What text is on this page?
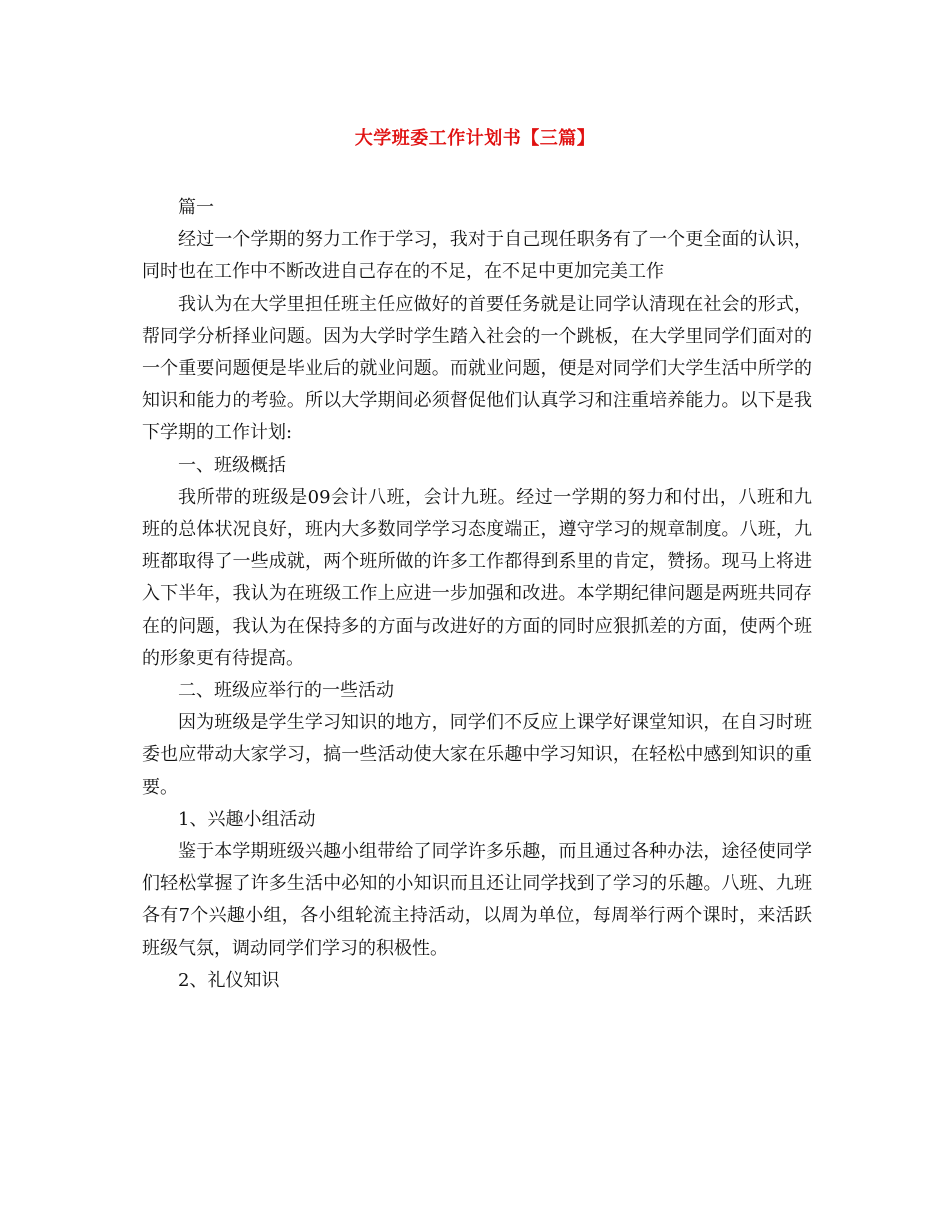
大学班委工作计划书【三篇】

篇一

经过一个学期的努力工作于学习，我对于自己现任职务有了一个更全面的认识，同时也在工作中不断改进自己存在的不足，在不足中更加完美工作

我认为在大学里担任班主任应做好的首要任务就是让同学认清现在社会的形式，帮同学分析择业问题。因为大学时学生踏入社会的一个跳板，在大学里同学们面对的一个重要问题便是毕业后的就业问题。而就业问题，便是对同学们大学生活中所学的知识和能力的考验。所以大学期间必须督促他们认真学习和注重培养能力。以下是我下学期的工作计划:

一、班级概括

我所带的班级是09会计八班，会计九班。经过一学期的努力和付出，八班和九班的总体状况良好，班内大多数同学学习态度端正，遵守学习的规章制度。八班，九班都取得了一些成就，两个班所做的许多工作都得到系里的肯定，赞扬。现马上将进入下半年，我认为在班级工作上应进一步加强和改进。本学期纪律问题是两班共同存在的问题，我认为在保持多的方面与改进好的方面的同时应狠抓差的方面，使两个班的形象更有待提高。

二、班级应举行的一些活动

因为班级是学生学习知识的地方，同学们不反应上课学好课堂知识，在自习时班委也应带动大家学习，搞一些活动使大家在乐趣中学习知识，在轻松中感到知识的重要。

1、兴趣小组活动

鉴于本学期班级兴趣小组带给了同学许多乐趣，而且通过各种办法，途径使同学们轻松掌握了许多生活中必知的小知识而且还让同学找到了学习的乐趣。八班、九班各有7个兴趣小组，各小组轮流主持活动，以周为单位，每周举行两个课时，来活跃班级气氛，调动同学们学习的积极性。

2、礼仪知识
